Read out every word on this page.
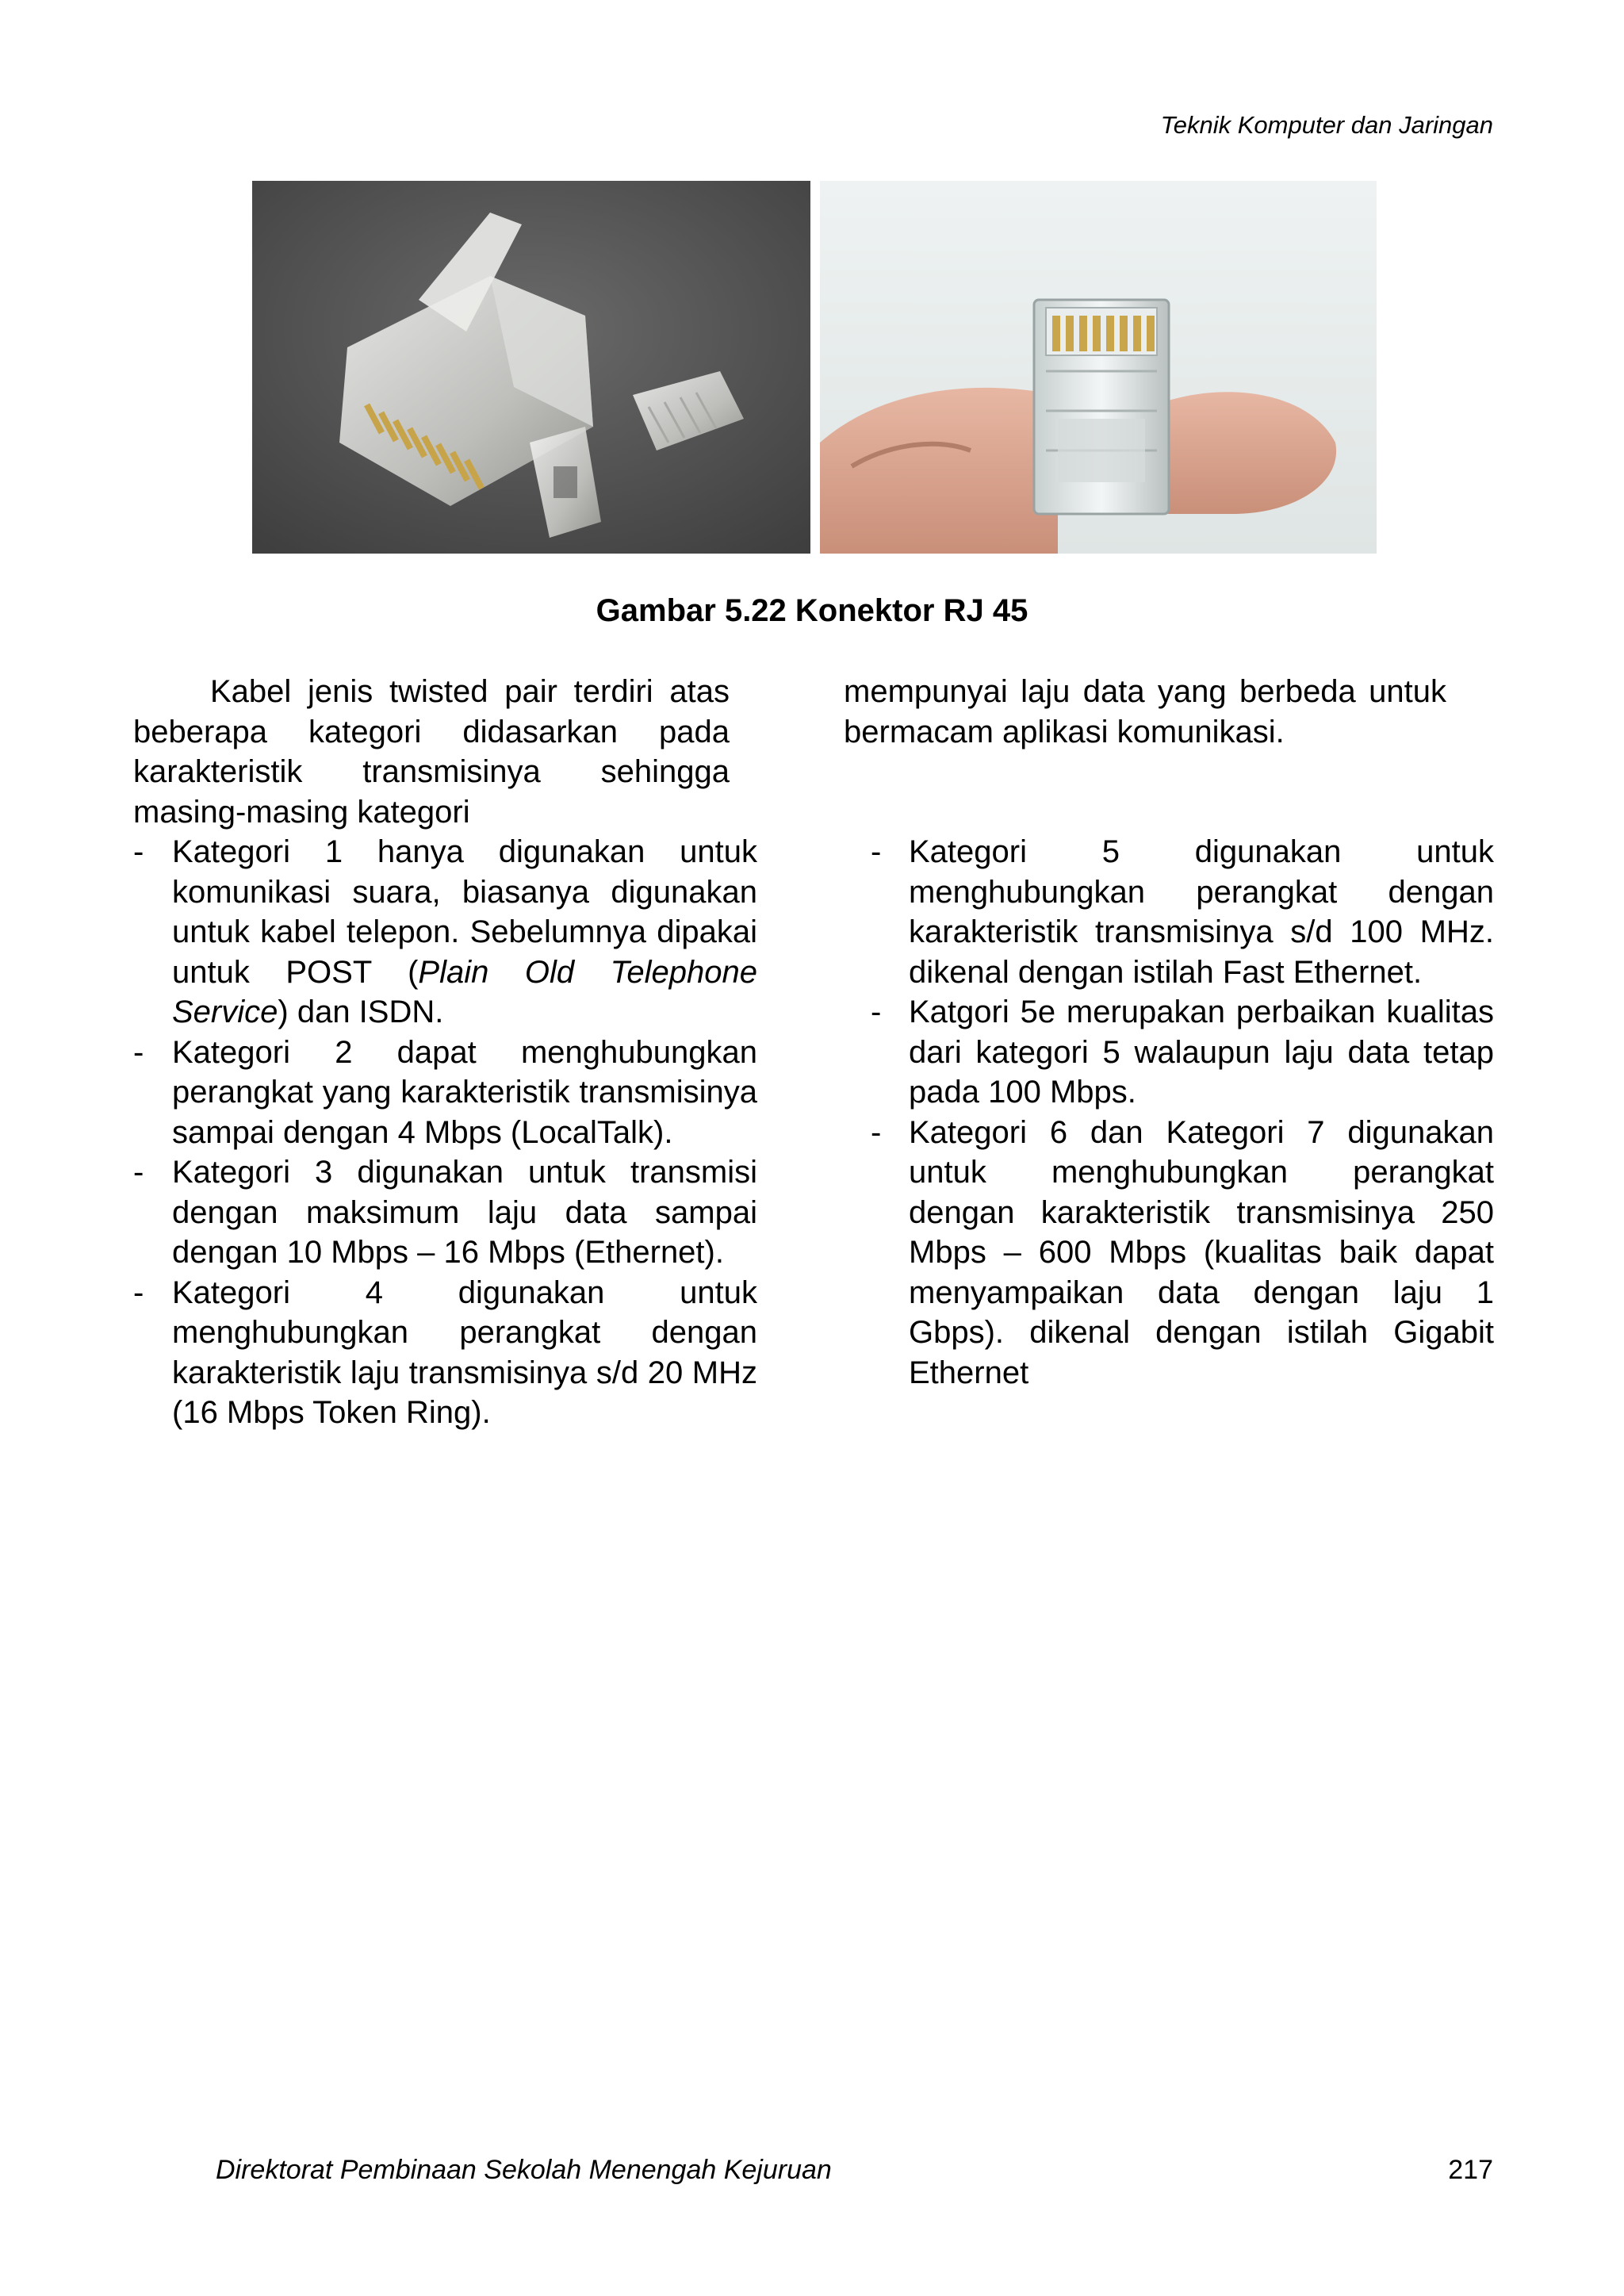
Teknik Komputer dan Jaringan
Gambar 5.22 Konektor RJ 45

Kabel jenis twisted pair terdiri atas beberapa kategori didasarkan pada karakteristik transmisinya sehingga masing-masing kategori

- Kategori 1 hanya digunakan untuk komunikasi suara, biasanya digunakan untuk kabel telepon. Sebelumnya dipakai untuk POST (Plain Old Telephone Service) dan ISDN.
- Kategori 2 dapat menghubungkan perangkat yang karakteristik transmisinya sampai dengan 4 Mbps (LocalTalk).
- Kategori 3 digunakan untuk transmisi dengan maksimum laju data sampai dengan 10 Mbps – 16 Mbps (Ethernet).
- Kategori 4 digunakan untuk menghubungkan perangkat dengan karakteristik laju transmisinya s/d 20 MHz (16 Mbps Token Ring).

mempunyai laju data yang berbeda untuk bermacam aplikasi komunikasi.

- Kategori 5 digunakan untuk menghubungkan perangkat dengan karakteristik transmisinya s/d 100 MHz. dikenal dengan istilah Fast Ethernet.
- Katgori 5e merupakan perbaikan kualitas dari kategori 5 walaupun laju data tetap pada 100 Mbps.
- Kategori 6 dan Kategori 7 digunakan untuk menghubungkan perangkat dengan karakteristik transmisinya 250 Mbps – 600 Mbps (kualitas baik dapat menyampaikan data dengan laju 1 Gbps). dikenal dengan istilah Gigabit Ethernet
Direktorat Pembinaan Sekolah Menengah Kejuruan	217
